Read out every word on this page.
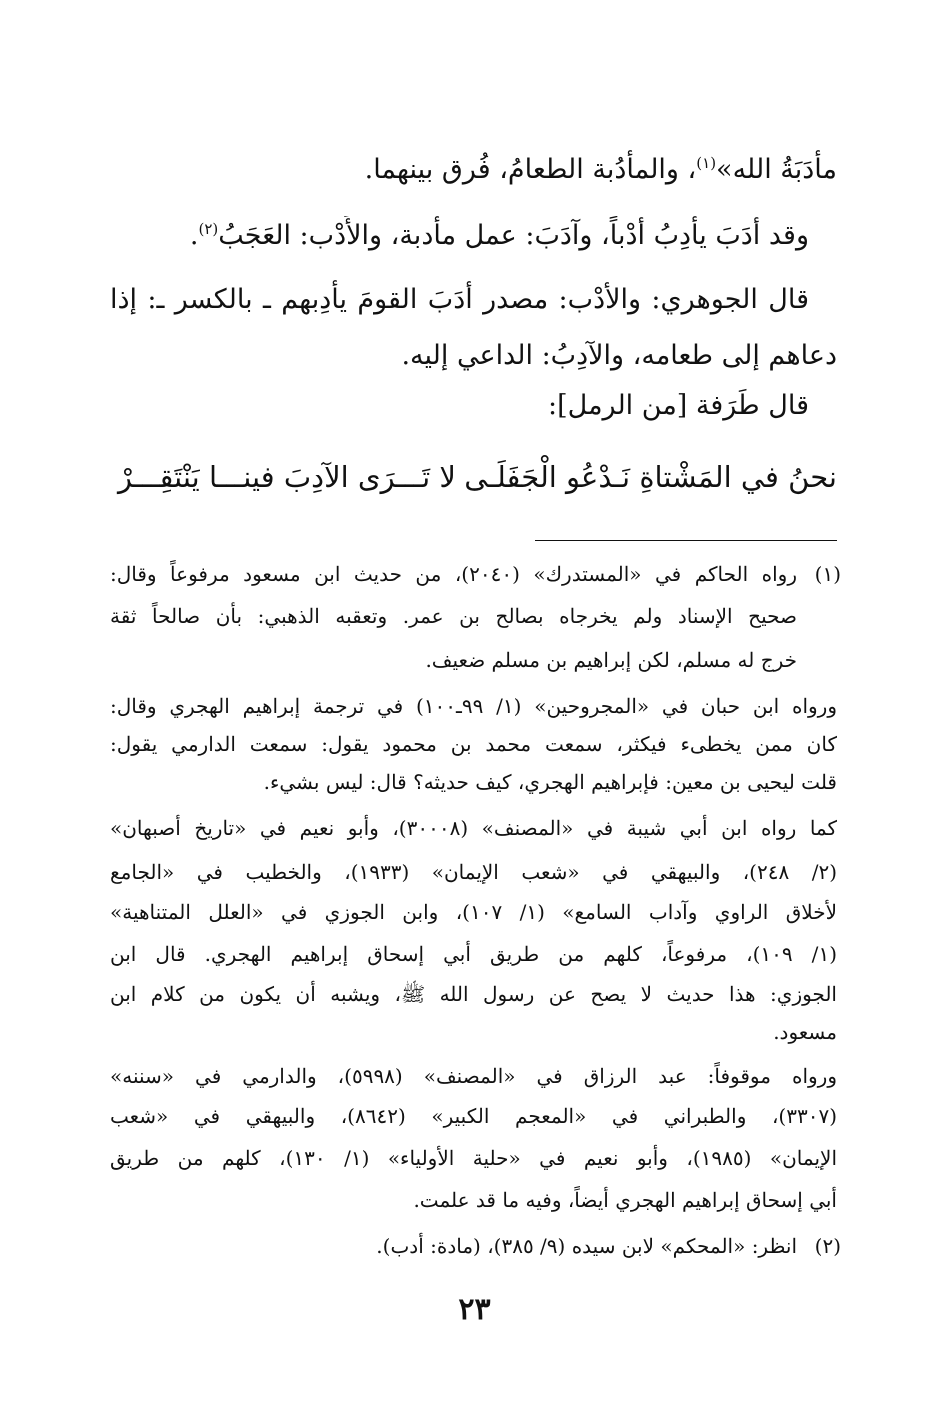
مأدَبَةُ الله»$^{(١)}$، والمأدُبة الطعامُ، فُرق بينهما.
وقد أَدَبَ يأدِبُ أَدْباً، وآدَبَ: عمل مأدبة، والأَدْب: العَجَبُ$^{(٢)}$.
قال الجوهري: والأدْب: مصدر أَدَبَ القومَ يأدِبهم ـ بالكسر ـ: إذا
دعاهم إلى طعامه، والآدِبُ: الداعي إليه.
قال طَرَفة [من الرمل]:
نحنُ في المَشْتاةِ نَـدْعُو الْجَفَلَـى
لا تَـــرَى الآدِبَ فينـــا يَنْتَقِـــرْ
(١)
رواه الحاكم في «المستدرك» (٢٠٤٠)، من حديث ابن مسعود مرفوعاً وقال:
صحيح الإسناد ولم يخرجاه بصالح بن عمر. وتعقبه الذهبي: بأن صالحاً ثقة
خرج له مسلم، لكن إبراهيم بن مسلم ضعيف.
ورواه ابن حبان في «المجروحين» (١/ ٩٩ـ١٠٠) في ترجمة إبراهيم الهجري وقال:
كان ممن يخطىء فيكثر، سمعت محمد بن محمود يقول: سمعت الدارمي يقول:
قلت ليحيى بن معين: فإبراهيم الهجري، كيف حديثه؟ قال: ليس بشيء.
كما رواه ابن أبي شيبة في «المصنف» (٣٠٠٠٨)، وأبو نعيم في «تاريخ أصبهان»
(٢/ ٢٤٨)، والبيهقي في «شعب الإيمان» (١٩٣٣)، والخطيب في «الجامع
لأخلاق الراوي وآداب السامع» (١/ ١٠٧)، وابن الجوزي في «العلل المتناهية»
(١/ ١٠٩)، مرفوعاً، كلهم من طريق أبي إسحاق إبراهيم الهجري. قال ابن
الجوزي: هذا حديث لا يصح عن رسول الله ﷺ، ويشبه أن يكون من كلام ابن
مسعود.
ورواه موقوفاً: عبد الرزاق في «المصنف» (٥٩٩٨)، والدارمي في «سننه»
(٣٣٠٧)، والطبراني في «المعجم الكبير» (٨٦٤٢)، والبيهقي في «شعب
الإيمان» (١٩٨٥)، وأبو نعيم في «حلية الأولياء» (١/ ١٣٠)، كلهم من طريق
أبي إسحاق إبراهيم الهجري أيضاً، وفيه ما قد علمت.
(٢)
انظر: «المحكم» لابن سيده (٩/ ٣٨٥)، (مادة: أدب).
٢٣
